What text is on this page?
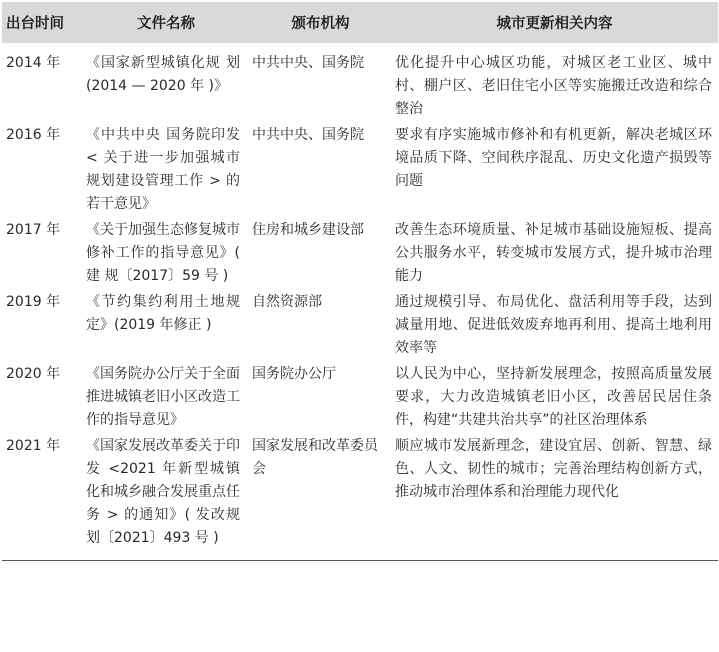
出台时间	文件名称	颁布机构	城市更新相关内容
2014 年	《国家新型城镇化规 划 (2014 — 2020 年 )》	中共中央、国务院	优化提升中心城区功能，对城区老工业区、城中村、棚户区、老旧住宅小区等实施搬迁改造和综合整治
2016 年	《中共中央 国务院印发 < 关于进一步加强城市规划建设管理工作 > 的若干意见》	中共中央、国务院	要求有序实施城市修补和有机更新，解决老城区环境品质下降、空间秩序混乱、历史文化遗产损毁等问题
2017 年	《关于加强生态修复城市修补工作的指导意见》( 建 规〔2017〕59 号 )	住房和城乡建设部	改善生态环境质量、补足城市基础设施短板、提高公共服务水平，转变城市发展方式，提升城市治理能力
2019 年	《节约集约利用土地规定》(2019 年修正 )	自然资源部	通过规模引导、布局优化、盘活利用等手段，达到减量用地、促进低效废弃地再利用、提高土地利用效率等
2020 年	《国务院办公厅关于全面推进城镇老旧小区改造工作的指导意见》	国务院办公厅	以人民为中心，坚持新发展理念，按照高质量发展要求，大力改造城镇老旧小区，改善居民居住条件，构建“共建共治共享”的社区治理体系
2021 年	《国家发展改革委关于印发 <2021 年新型城镇化和城乡融合发展重点任务 > 的通知》( 发改规划〔2021〕493 号 )	国家发展和改革委员会	顺应城市发展新理念，建设宜居、创新、智慧、绿色、人文、韧性的城市；完善治理结构创新方式，推动城市治理体系和治理能力现代化
